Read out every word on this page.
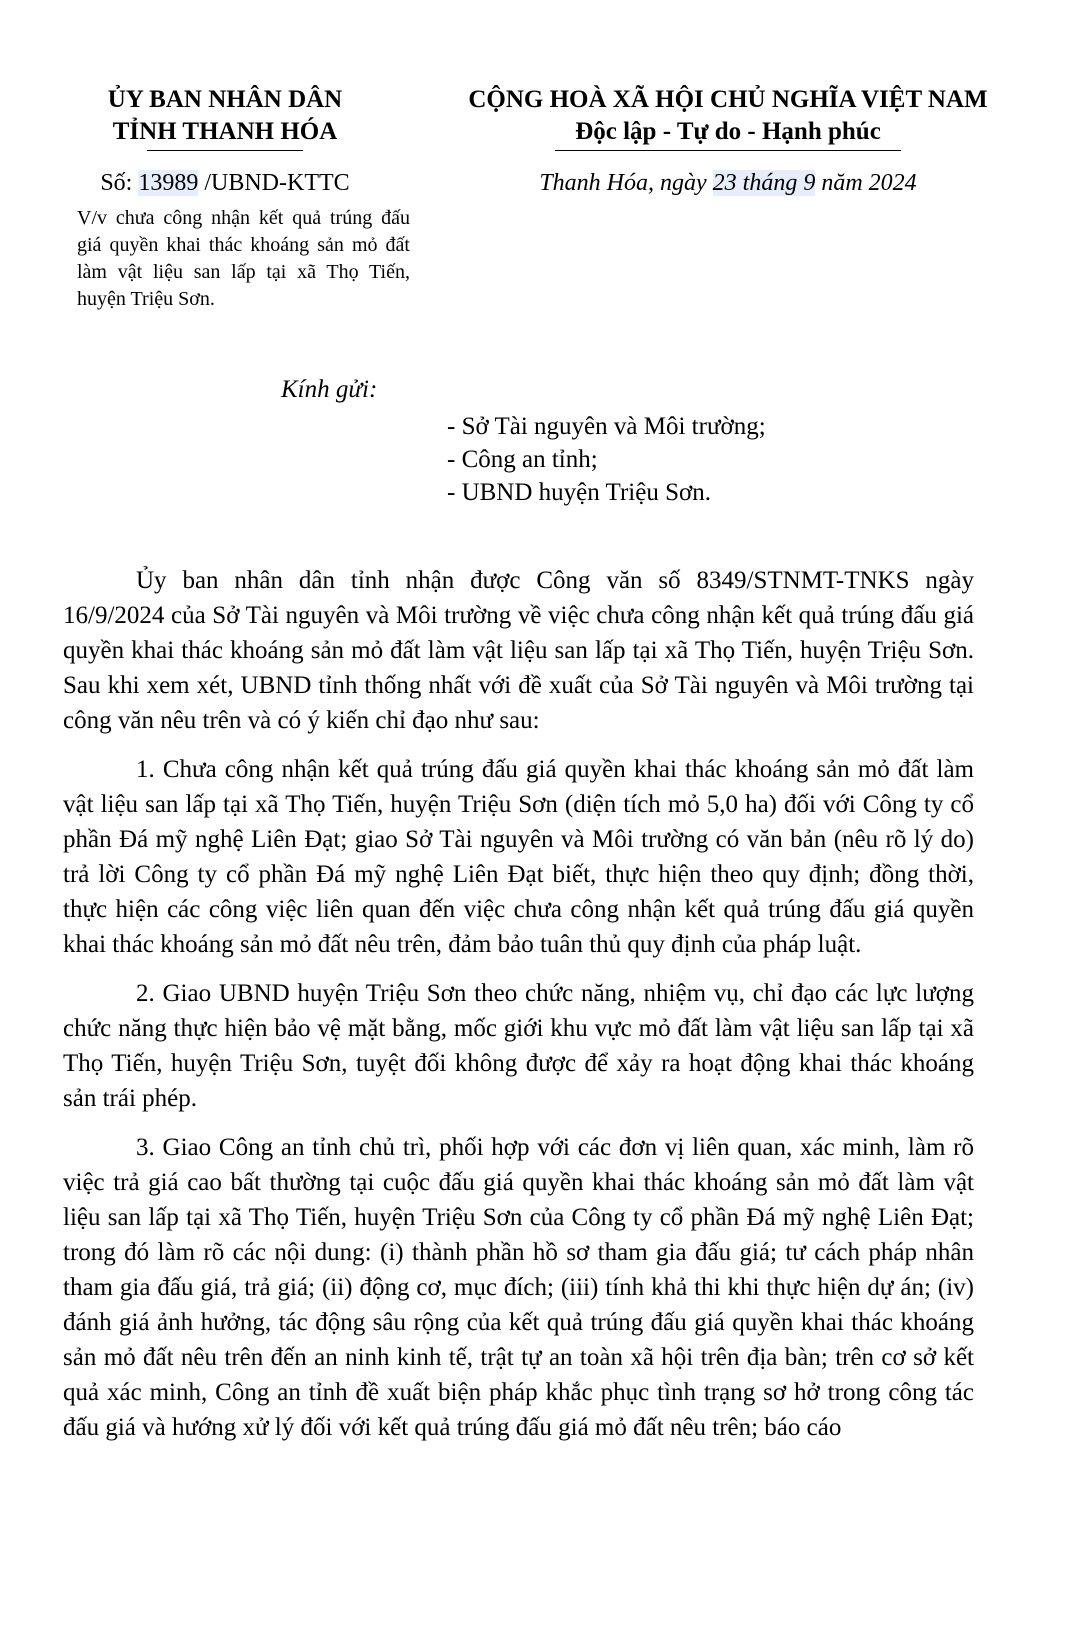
ỦY BAN NHÂN DÂN
TỈNH THANH HÓA
CỘNG HOÀ XÃ HỘI CHỦ NGHĨA VIỆT NAM
Độc lập - Tự do - Hạnh phúc
Số: 13989 /UBND-KTTC	Thanh Hóa, ngày 23 tháng 9 năm 2024
V/v chưa công nhận kết quả trúng đấu giá quyền khai thác khoáng sản mỏ đất làm vật liệu san lấp tại xã Thọ Tiến, huyện Triệu Sơn.
Kính gửi:
- Sở Tài nguyên và Môi trường;
- Công an tỉnh;
- UBND huyện Triệu Sơn.

Ủy ban nhân dân tỉnh nhận được Công văn số 8349/STNMT-TNKS ngày 16/9/2024 của Sở Tài nguyên và Môi trường về việc chưa công nhận kết quả trúng đấu giá quyền khai thác khoáng sản mỏ đất làm vật liệu san lấp tại xã Thọ Tiến, huyện Triệu Sơn. Sau khi xem xét, UBND tỉnh thống nhất với đề xuất của Sở Tài nguyên và Môi trường tại công văn nêu trên và có ý kiến chỉ đạo như sau:

1. Chưa công nhận kết quả trúng đấu giá quyền khai thác khoáng sản mỏ đất làm vật liệu san lấp tại xã Thọ Tiến, huyện Triệu Sơn (diện tích mỏ 5,0 ha) đối với Công ty cổ phần Đá mỹ nghệ Liên Đạt; giao Sở Tài nguyên và Môi trường có văn bản (nêu rõ lý do) trả lời Công ty cổ phần Đá mỹ nghệ Liên Đạt biết, thực hiện theo quy định; đồng thời, thực hiện các công việc liên quan đến việc chưa công nhận kết quả trúng đấu giá quyền khai thác khoáng sản mỏ đất nêu trên, đảm bảo tuân thủ quy định của pháp luật.

2. Giao UBND huyện Triệu Sơn theo chức năng, nhiệm vụ, chỉ đạo các lực lượng chức năng thực hiện bảo vệ mặt bằng, mốc giới khu vực mỏ đất làm vật liệu san lấp tại xã Thọ Tiến, huyện Triệu Sơn, tuyệt đối không được để xảy ra hoạt động khai thác khoáng sản trái phép.

3. Giao Công an tỉnh chủ trì, phối hợp với các đơn vị liên quan, xác minh, làm rõ việc trả giá cao bất thường tại cuộc đấu giá quyền khai thác khoáng sản mỏ đất làm vật liệu san lấp tại xã Thọ Tiến, huyện Triệu Sơn của Công ty cổ phần Đá mỹ nghệ Liên Đạt; trong đó làm rõ các nội dung: (i) thành phần hồ sơ tham gia đấu giá; tư cách pháp nhân tham gia đấu giá, trả giá; (ii) động cơ, mục đích; (iii) tính khả thi khi thực hiện dự án; (iv) đánh giá ảnh hưởng, tác động sâu rộng của kết quả trúng đấu giá quyền khai thác khoáng sản mỏ đất nêu trên đến an ninh kinh tế, trật tự an toàn xã hội trên địa bàn; trên cơ sở kết quả xác minh, Công an tỉnh đề xuất biện pháp khắc phục tình trạng sơ hở trong công tác đấu giá và hướng xử lý đối với kết quả trúng đấu giá mỏ đất nêu trên; báo cáo
